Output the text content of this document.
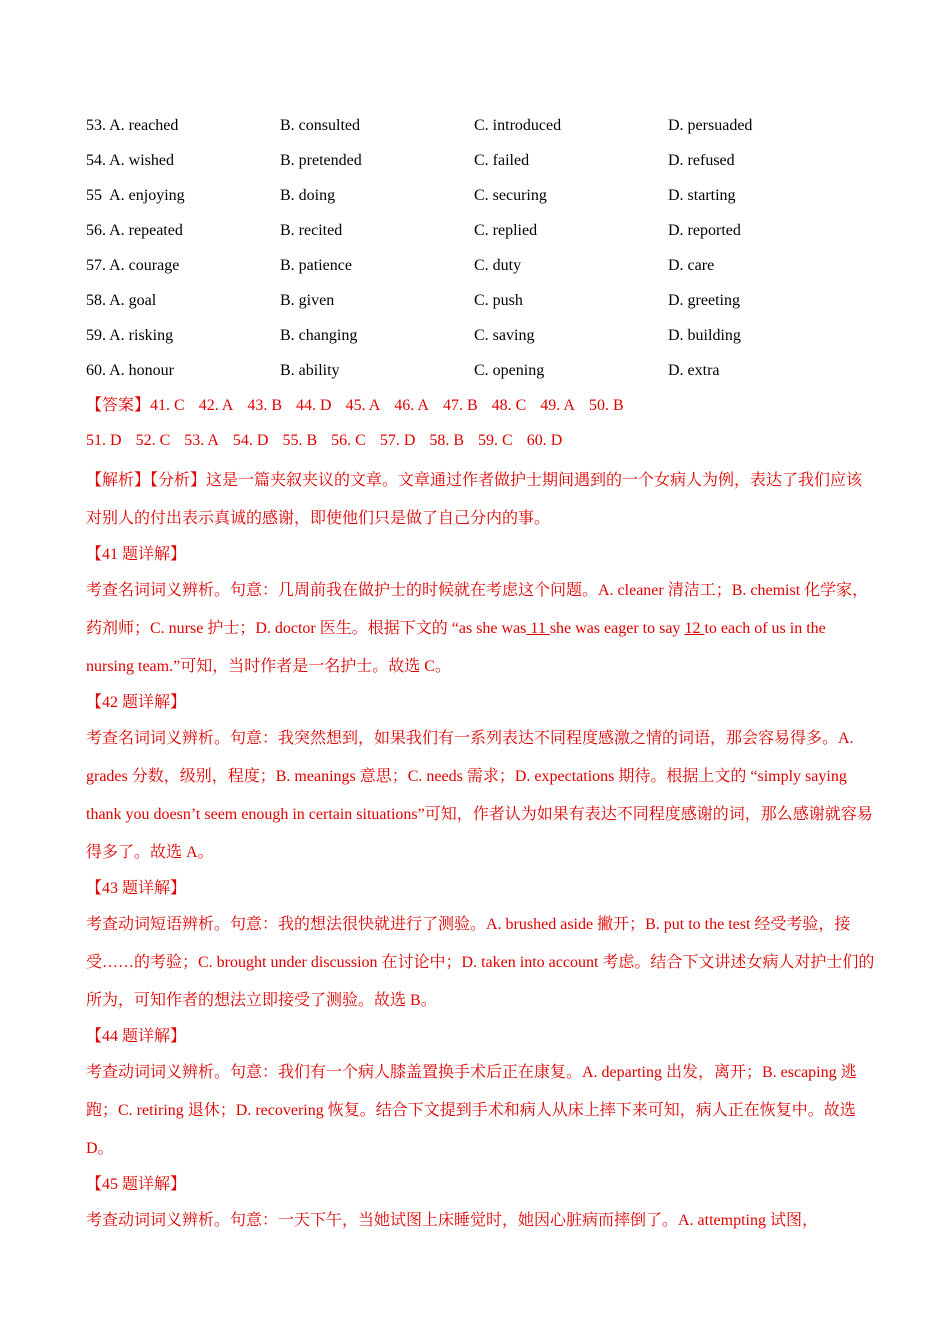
53. A. reached	B. consulted	C. introduced	D. persuaded
54. A. wished	B. pretended	C. failed	D. refused
55  A. enjoying	B. doing	C. securing	D. starting
56. A. repeated	B. recited	C. replied	D. reported
57. A. courage	B. patience	C. duty	D. care
58. A. goal	B. given	C. push	D. greeting
59. A. risking	B. changing	C. saving	D. building
60. A. honour	B. ability	C. opening	D. extra
【答案】41. C 42. A 43. B 44. D 45. A 46. A 47. B 48. C 49. A 50. B
51. D 52. C 53. A 54. D 55. B 56. C 57. D 58. B 59. C 60. D

【解析】【分析】这是一篇夹叙夹议的文章。文章通过作者做护士期间遇到的一个女病人为例，表达了我们应该对别人的付出表示真诚的感谢，即使他们只是做了自己分内的事。

【41 题详解】

考查名词词义辨析。句意：几周前我在做护士的时候就在考虑这个问题。A. cleaner 清洁工；B. chemist 化学家，药剂师；C. nurse 护士；D. doctor 医生。根据下文的 “as she was 11 she was eager to say 12 to each of us in the nursing team.”可知，当时作者是一名护士。故选 C。

【42 题详解】

考查名词词义辨析。句意：我突然想到，如果我们有一系列表达不同程度感激之情的词语，那会容易得多。A. grades 分数，级别，程度；B. meanings 意思；C. needs 需求；D. expectations 期待。根据上文的 “simply saying thank you doesn’t seem enough in certain situations”可知，作者认为如果有表达不同程度感谢的词，那么感谢就容易得多了。故选 A。

【43 题详解】

考查动词短语辨析。句意：我的想法很快就进行了测验。A. brushed aside 撇开；B. put to the test 经受考验，接受……的考验；C. brought under discussion 在讨论中；D. taken into account 考虑。结合下文讲述女病人对护士们的所为，可知作者的想法立即接受了测验。故选 B。

【44 题详解】

考查动词词义辨析。句意：我们有一个病人膝盖置换手术后正在康复。A. departing 出发，离开；B. escaping 逃跑；C. retiring 退休；D. recovering 恢复。结合下文提到手术和病人从床上摔下来可知，病人正在恢复中。故选 D。

【45 题详解】

考查动词词义辨析。句意：一天下午，当她试图上床睡觉时，她因心脏病而摔倒了。A. attempting 试图，
